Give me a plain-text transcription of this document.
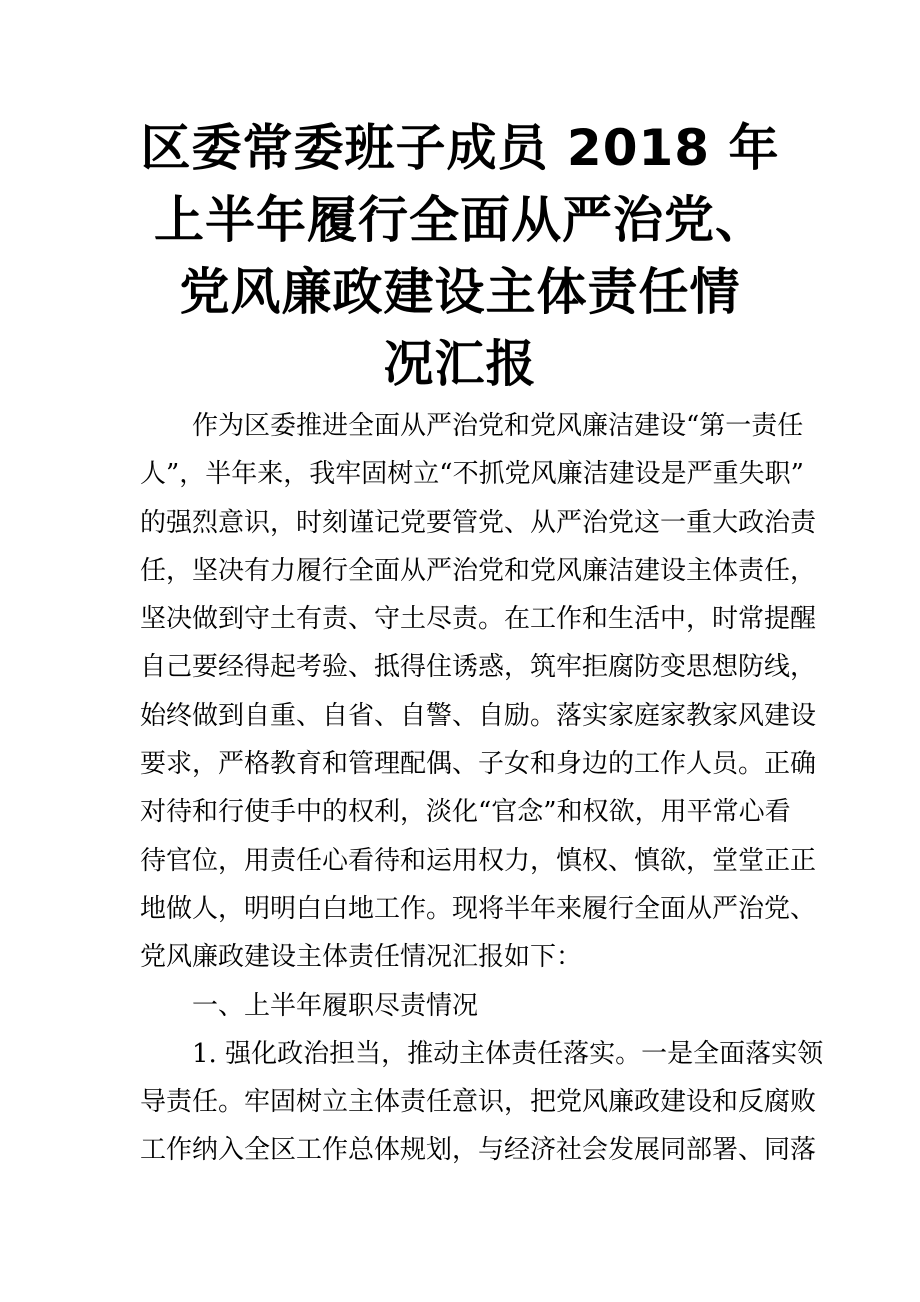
区委常委班子成员 2018 年
上半年履行全面从严治党、
党风廉政建设主体责任情
况汇报
作为区委推进全面从严治党和党风廉洁建设“第一责任
人”，半年来，我牢固树立“不抓党风廉洁建设是严重失职”
的强烈意识，时刻谨记党要管党、从严治党这一重大政治责
任，坚决有力履行全面从严治党和党风廉洁建设主体责任，
坚决做到守土有责、守土尽责。在工作和生活中，时常提醒
自己要经得起考验、抵得住诱惑，筑牢拒腐防变思想防线，
始终做到自重、自省、自警、自励。落实家庭家教家风建设
要求，严格教育和管理配偶、子女和身边的工作人员。正确
对待和行使手中的权利，淡化“官念”和权欲，用平常心看
待官位，用责任心看待和运用权力，慎权、慎欲，堂堂正正
地做人，明明白白地工作。现将半年来履行全面从严治党、
党风廉政建设主体责任情况汇报如下：
一、上半年履职尽责情况
1. 强化政治担当，推动主体责任落实。一是全面落实领
导责任。牢固树立主体责任意识，把党风廉政建设和反腐败
工作纳入全区工作总体规划，与经济社会发展同部署、同落
